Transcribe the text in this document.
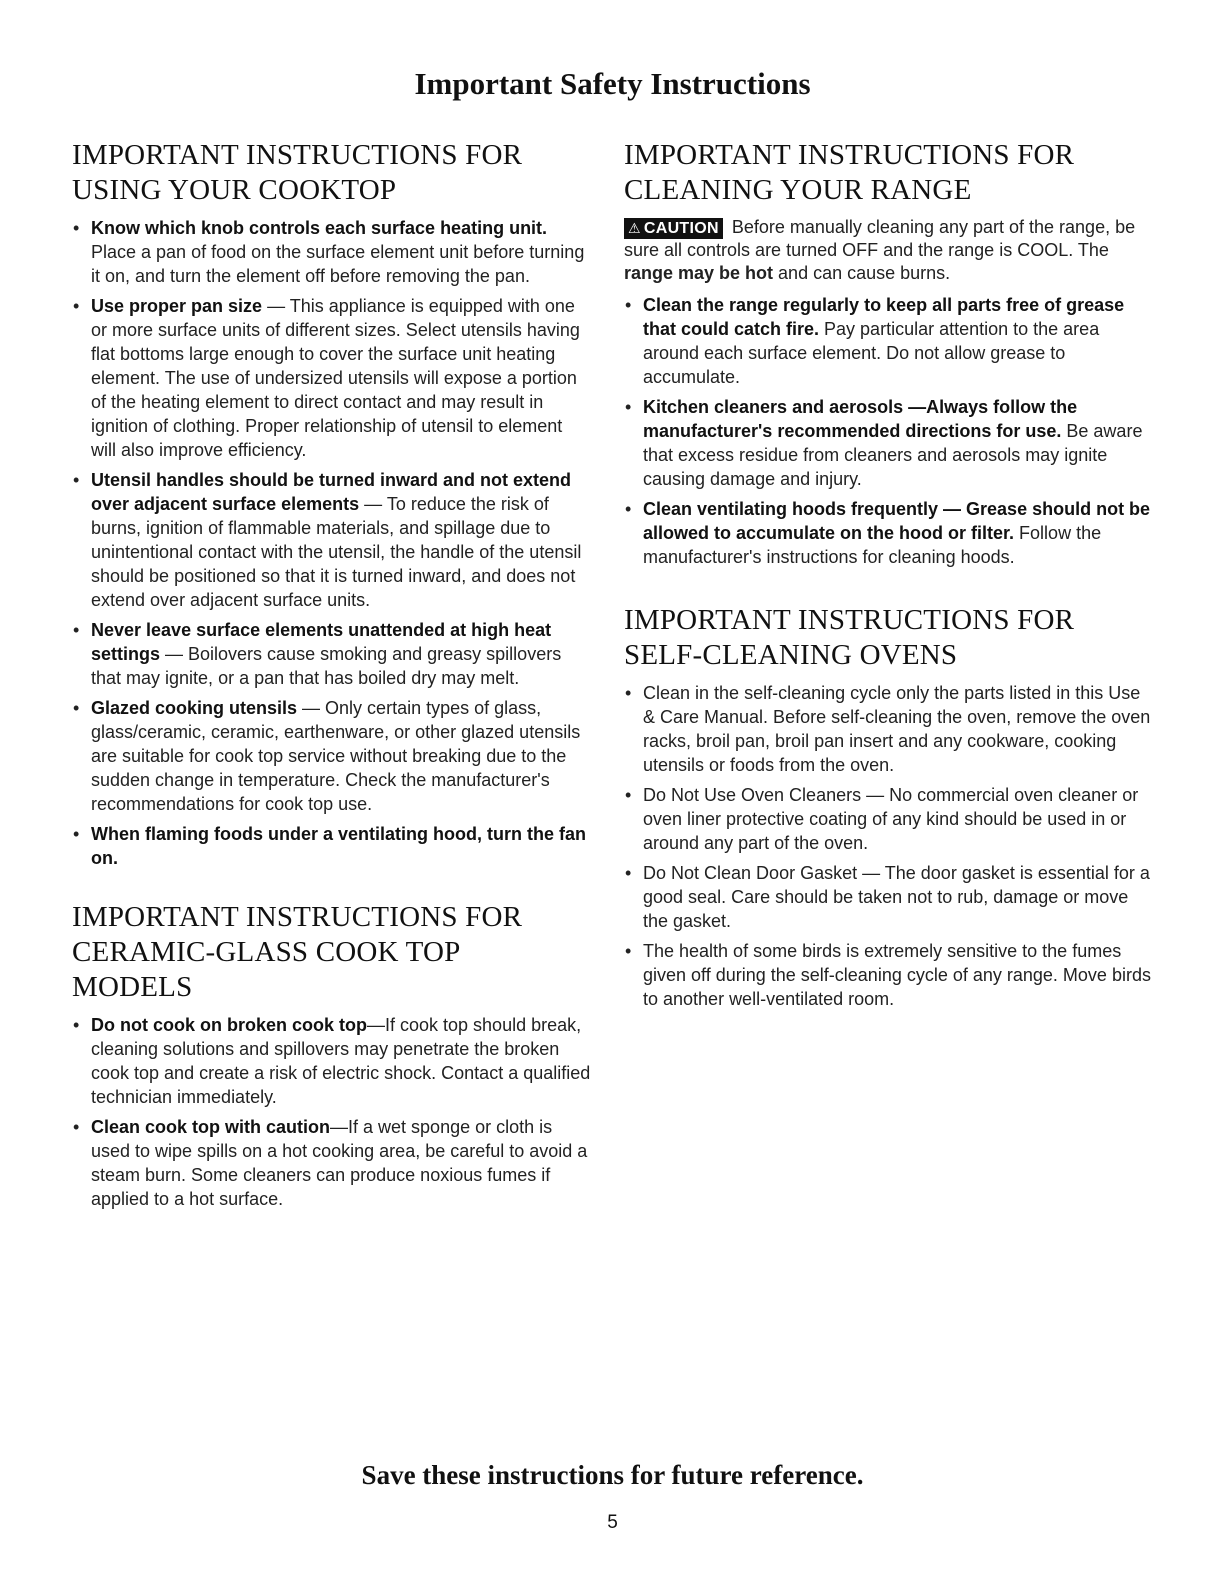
Important Safety Instructions
IMPORTANT INSTRUCTIONS FOR
USING YOUR COOKTOP
• Know which knob controls each surface heating unit. Place a pan of food on the surface element unit before turning it on, and turn the element off before removing the pan.
• Use proper pan size — This appliance is equipped with one or more surface units of different sizes. Select utensils having flat bottoms large enough to cover the surface unit heating element. The use of undersized utensils will expose a portion of the heating element to direct contact and may result in ignition of clothing. Proper relationship of utensil to element will also improve efficiency.
• Utensil handles should be turned inward and not extend over adjacent surface elements — To reduce the risk of burns, ignition of flammable materials, and spillage due to unintentional contact with the utensil, the handle of the utensil should be positioned so that it is turned inward, and does not extend over adjacent surface units.
• Never leave surface elements unattended at high heat settings — Boilovers cause smoking and greasy spillovers that may ignite, or a pan that has boiled dry may melt.
• Glazed cooking utensils — Only certain types of glass, glass/ceramic, ceramic, earthenware, or other glazed utensils are suitable for cook top service without breaking due to the sudden change in temperature. Check the manufacturer's recommendations for cook top use.
• When flaming foods under a ventilating hood, turn the fan on.
IMPORTANT INSTRUCTIONS FOR
CERAMIC-GLASS COOK TOP
MODELS
• Do not cook on broken cook top—If cook top should break, cleaning solutions and spillovers may penetrate the broken cook top and create a risk of electric shock. Contact a qualified technician immediately.
• Clean cook top with caution—If a wet sponge or cloth is used to wipe spills on a hot cooking area, be careful to avoid a steam burn. Some cleaners can produce noxious fumes if applied to a hot surface.
IMPORTANT INSTRUCTIONS FOR
CLEANING YOUR RANGE

⚠ CAUTION Before manually cleaning any part of the range, be sure all controls are turned OFF and the range is COOL. The range may be hot and can cause burns.

• Clean the range regularly to keep all parts free of grease that could catch fire. Pay particular attention to the area around each surface element. Do not allow grease to accumulate.
• Kitchen cleaners and aerosols —Always follow the manufacturer's recommended directions for use. Be aware that excess residue from cleaners and aerosols may ignite causing damage and injury.
• Clean ventilating hoods frequently — Grease should not be allowed to accumulate on the hood or filter. Follow the manufacturer's instructions for cleaning hoods.
IMPORTANT INSTRUCTIONS FOR
SELF-CLEANING OVENS
• Clean in the self-cleaning cycle only the parts listed in this Use & Care Manual. Before self-cleaning the oven, remove the oven racks, broil pan, broil pan insert and any cookware, cooking utensils or foods from the oven.
• Do Not Use Oven Cleaners — No commercial oven cleaner or oven liner protective coating of any kind should be used in or around any part of the oven.
• Do Not Clean Door Gasket — The door gasket is essential for a good seal. Care should be taken not to rub, damage or move the gasket.
• The health of some birds is extremely sensitive to the fumes given off during the self-cleaning cycle of any range. Move birds to another well-ventilated room.

Save these instructions for future reference.

5
